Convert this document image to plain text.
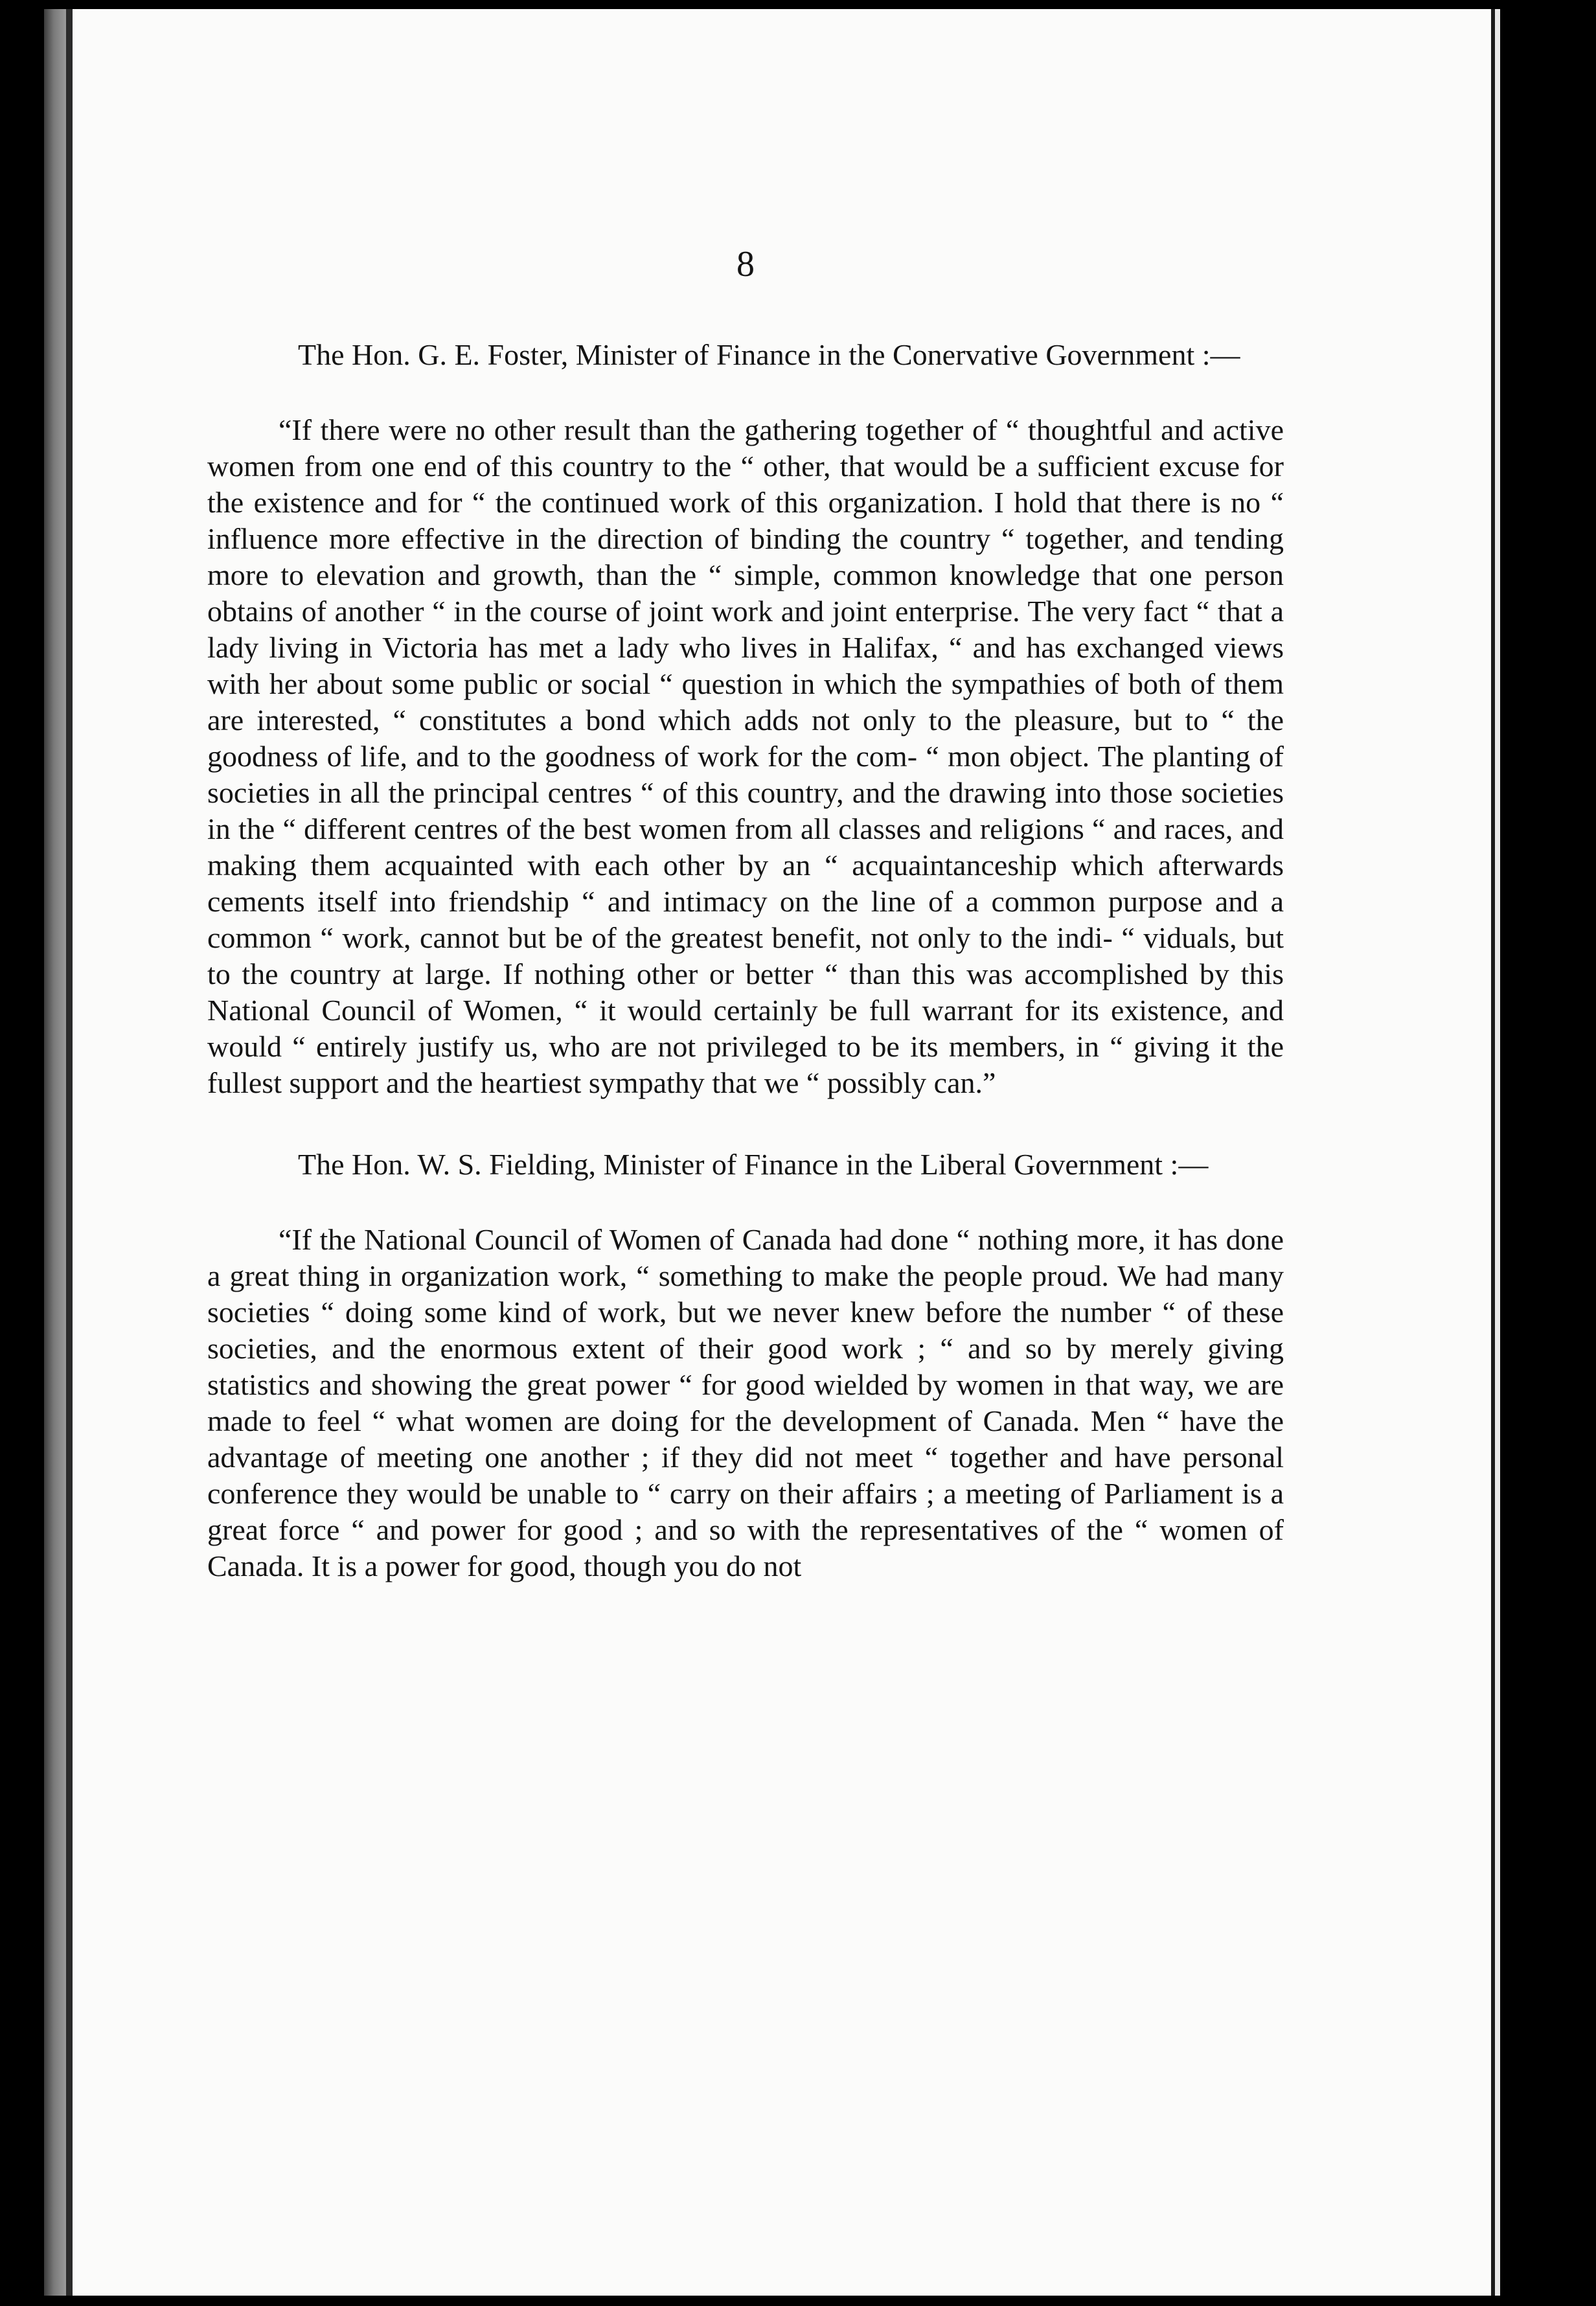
8

The Hon. G. E. Foster, Minister of Finance in the Conervative Government :—

“If there were no other result than the gathering together of “ thoughtful and active women from one end of this country to the “ other, that would be a sufficient excuse for the existence and for “ the continued work of this organization. I hold that there is no “ influence more effective in the direction of binding the country “ together, and tending more to elevation and growth, than the “ simple, common knowledge that one person obtains of another “ in the course of joint work and joint enterprise. The very fact “ that a lady living in Victoria has met a lady who lives in Halifax, “ and has exchanged views with her about some public or social “ question in which the sympathies of both of them are interested, “ constitutes a bond which adds not only to the pleasure, but to “ the goodness of life, and to the goodness of work for the com- “ mon object. The planting of societies in all the principal centres “ of this country, and the drawing into those societies in the “ different centres of the best women from all classes and religions “ and races, and making them acquainted with each other by an “ acquaintanceship which afterwards cements itself into friendship “ and intimacy on the line of a common purpose and a common “ work, cannot but be of the greatest benefit, not only to the indi- “ viduals, but to the country at large. If nothing other or better “ than this was accomplished by this National Council of Women, “ it would certainly be full warrant for its existence, and would “ entirely justify us, who are not privileged to be its members, in “ giving it the fullest support and the heartiest sympathy that we “ possibly can.”

The Hon. W. S. Fielding, Minister of Finance in the Liberal Government :—

“If the National Council of Women of Canada had done “ nothing more, it has done a great thing in organization work, “ something to make the people proud. We had many societies “ doing some kind of work, but we never knew before the number “ of these societies, and the enormous extent of their good work ; “ and so by merely giving statistics and showing the great power “ for good wielded by women in that way, we are made to feel “ what women are doing for the development of Canada. Men “ have the advantage of meeting one another ; if they did not meet “ together and have personal conference they would be unable to “ carry on their affairs ; a meeting of Parliament is a great force “ and power for good ; and so with the representatives of the “ women of Canada. It is a power for good, though you do not
